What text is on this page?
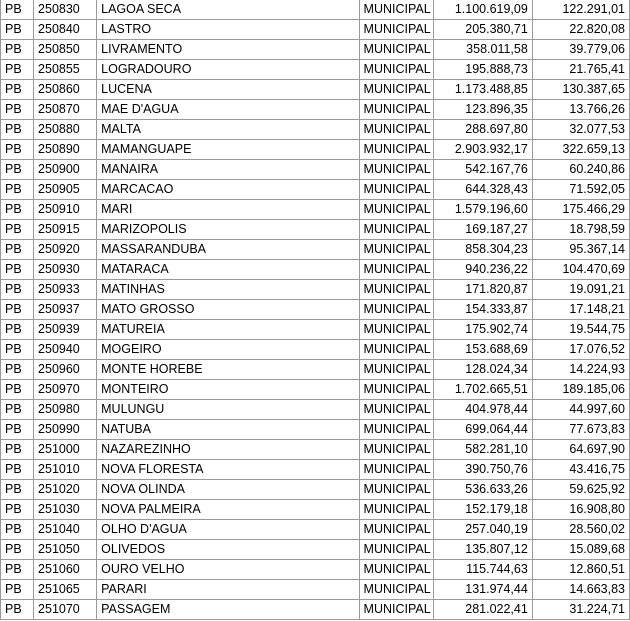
PB	250830	LAGOA SECA	MUNICIPAL	1.100.619,09	122.291,01
PB	250840	LASTRO	MUNICIPAL	205.380,71	22.820,08
PB	250850	LIVRAMENTO	MUNICIPAL	358.011,58	39.779,06
PB	250855	LOGRADOURO	MUNICIPAL	195.888,73	21.765,41
PB	250860	LUCENA	MUNICIPAL	1.173.488,85	130.387,65
PB	250870	MAE D'AGUA	MUNICIPAL	123.896,35	13.766,26
PB	250880	MALTA	MUNICIPAL	288.697,80	32.077,53
PB	250890	MAMANGUAPE	MUNICIPAL	2.903.932,17	322.659,13
PB	250900	MANAIRA	MUNICIPAL	542.167,76	60.240,86
PB	250905	MARCACAO	MUNICIPAL	644.328,43	71.592,05
PB	250910	MARI	MUNICIPAL	1.579.196,60	175.466,29
PB	250915	MARIZOPOLIS	MUNICIPAL	169.187,27	18.798,59
PB	250920	MASSARANDUBA	MUNICIPAL	858.304,23	95.367,14
PB	250930	MATARACA	MUNICIPAL	940.236,22	104.470,69
PB	250933	MATINHAS	MUNICIPAL	171.820,87	19.091,21
PB	250937	MATO GROSSO	MUNICIPAL	154.333,87	17.148,21
PB	250939	MATUREIA	MUNICIPAL	175.902,74	19.544,75
PB	250940	MOGEIRO	MUNICIPAL	153.688,69	17.076,52
PB	250960	MONTE HOREBE	MUNICIPAL	128.024,34	14.224,93
PB	250970	MONTEIRO	MUNICIPAL	1.702.665,51	189.185,06
PB	250980	MULUNGU	MUNICIPAL	404.978,44	44.997,60
PB	250990	NATUBA	MUNICIPAL	699.064,44	77.673,83
PB	251000	NAZAREZINHO	MUNICIPAL	582.281,10	64.697,90
PB	251010	NOVA FLORESTA	MUNICIPAL	390.750,76	43.416,75
PB	251020	NOVA OLINDA	MUNICIPAL	536.633,26	59.625,92
PB	251030	NOVA PALMEIRA	MUNICIPAL	152.179,18	16.908,80
PB	251040	OLHO D'AGUA	MUNICIPAL	257.040,19	28.560,02
PB	251050	OLIVEDOS	MUNICIPAL	135.807,12	15.089,68
PB	251060	OURO VELHO	MUNICIPAL	115.744,63	12.860,51
PB	251065	PARARI	MUNICIPAL	131.974,44	14.663,83
PB	251070	PASSAGEM	MUNICIPAL	281.022,41	31.224,71
